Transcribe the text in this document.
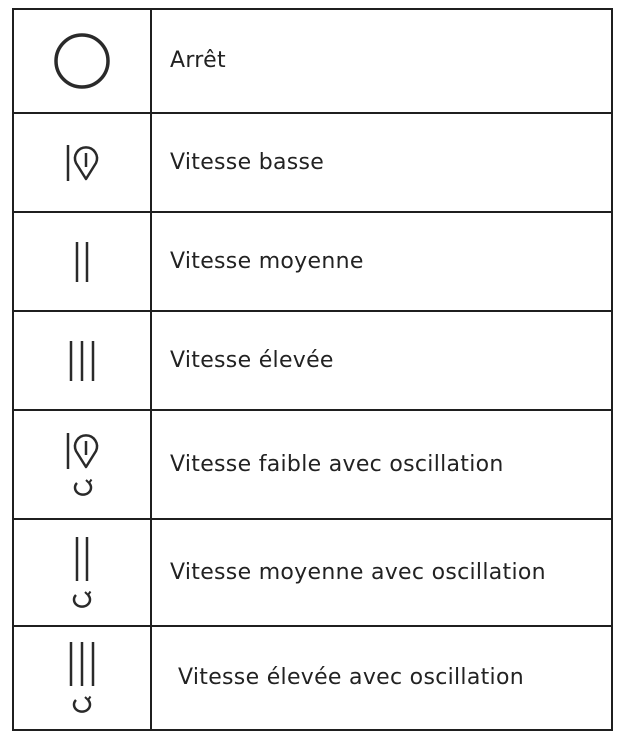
	Arrêt

	Vitesse basse

	Vitesse moyenne

	Vitesse élevée

	Vitesse faible avec oscillation

	Vitesse moyenne avec oscillation

	Vitesse élevée avec oscillation
